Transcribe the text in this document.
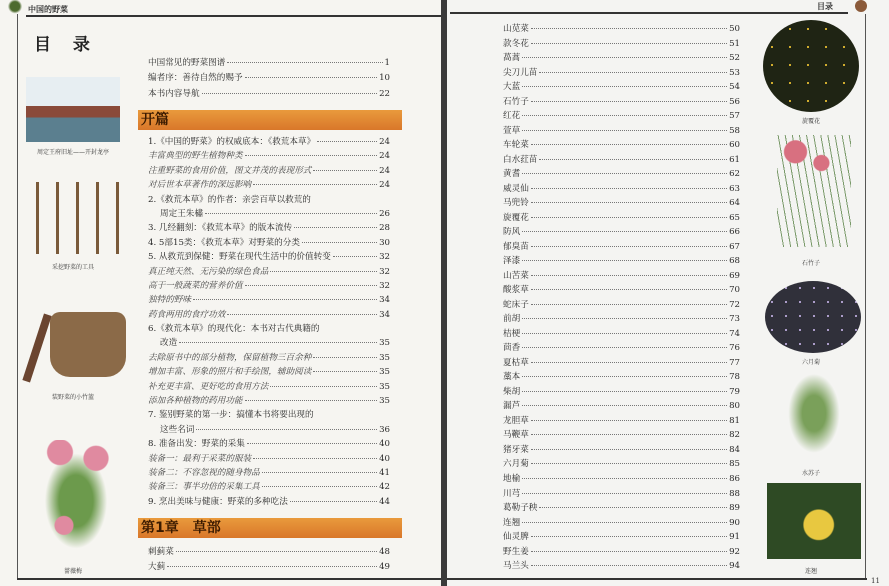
中国的野菜
目 录
周定王府旧址——开封龙亭
采挖野菜的工具
装野菜的小竹篮
蔷薇梅
中国常见的野菜图谱	1
编者序：善待自然的赐予	10
本书内容导航	22
开篇
1.《中国的野菜》的权威底本：《救荒本草》	24
丰富典型的野生植物种类	24
注重野菜的食用价值，图文并茂的表现形式	24
对后世本草著作的深远影响	24
2.《救荒本草》的作者：亲尝百草以救荒的
周定王朱橚	26
3. 几经翻刻：《救荒本草》的版本流传	28
4. 5部15类：《救荒本草》对野菜的分类	30
5. 从救荒到保健：野菜在现代生活中的价值转变	32
真正纯天然、无污染的绿色食品	32
高于一般蔬菜的营养价值	32
独特的野味	34
药食两用的食疗功效	34
6.《救荒本草》的现代化：本书对古代典籍的
改造	35
去除原书中的部分植物，保留植物三百余种	35
增加丰富、形象的照片和手绘图，辅助阅读	35
补充更丰富、更好吃的食用方法	35
添加各种植物的药用功能	35
7. 鉴别野菜的第一步：搞懂本书将要出现的
这些名词	36
8. 准备出发：野菜的采集	40
装备一：最利于采菜的服装	40
装备二：不容忽视的随身物品	41
装备三：事半功倍的采集工具	42
9. 烹出美味与健康：野菜的多种吃法	44
第1章　草部
刺蓟菜	48
大蓟	49
目录
旋覆花
石竹子
六月菊
水苏子
连翘
山苋菜	50
款冬花	51
萵蒿	52
尖刀儿苗	53
大蓝	54
石竹子	56
红花	57
萱草	58
车轮菜	60
白水荭苗	61
黄耆	62
威灵仙	63
马兜铃	64
旋覆花	65
防风	66
郁臭苗	67
泽漆	68
山苦菜	69
酸浆草	70
蛇床子	72
前胡	73
桔梗	74
茴香	76
夏枯草	77
藁本	78
柴胡	79
漏芦	80
龙胆草	81
马鞭草	82
猪牙菜	84
六月菊	85
地榆	86
川芎	88
葛勒子秧	89
连翘	90
仙灵脾	91
野生姜	92
马兰头	94
11
